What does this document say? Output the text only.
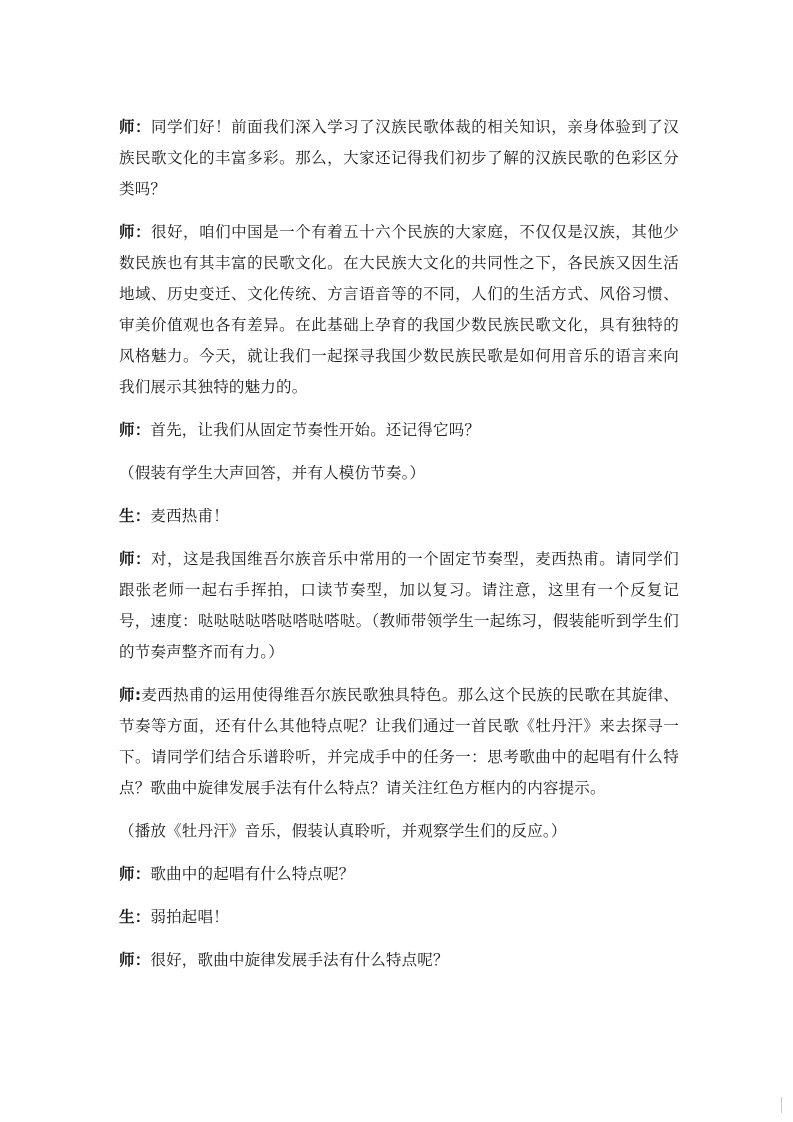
师：同学们好！前面我们深入学习了汉族民歌体裁的相关知识，亲身体验到了汉族民歌文化的丰富多彩。那么，大家还记得我们初步了解的汉族民歌的色彩区分类吗？

师：很好，咱们中国是一个有着五十六个民族的大家庭，不仅仅是汉族，其他少数民族也有其丰富的民歌文化。在大民族大文化的共同性之下，各民族又因生活地域、历史变迁、文化传统、方言语音等的不同，人们的生活方式、风俗习惯、审美价值观也各有差异。在此基础上孕育的我国少数民族民歌文化，具有独特的风格魅力。今天，就让我们一起探寻我国少数民族民歌是如何用音乐的语言来向我们展示其独特的魅力的。

师：首先，让我们从固定节奏性开始。还记得它吗？

（假装有学生大声回答，并有人模仿节奏。）

生：麦西热甫！

师：对，这是我国维吾尔族音乐中常用的一个固定节奏型，麦西热甫。请同学们跟张老师一起右手挥拍，口读节奏型，加以复习。请注意，这里有一个反复记号，速度：哒哒哒哒嗒哒嗒哒嗒哒。（教师带领学生一起练习，假装能听到学生们的节奏声整齐而有力。）

师:麦西热甫的运用使得维吾尔族民歌独具特色。那么这个民族的民歌在其旋律、节奏等方面，还有什么其他特点呢？让我们通过一首民歌《牡丹汗》来去探寻一下。请同学们结合乐谱聆听，并完成手中的任务一：思考歌曲中的起唱有什么特点？歌曲中旋律发展手法有什么特点？请关注红色方框内的内容提示。

（播放《牡丹汗》音乐，假装认真聆听，并观察学生们的反应。）

师：歌曲中的起唱有什么特点呢？

生：弱拍起唱！

师：很好，歌曲中旋律发展手法有什么特点呢？
